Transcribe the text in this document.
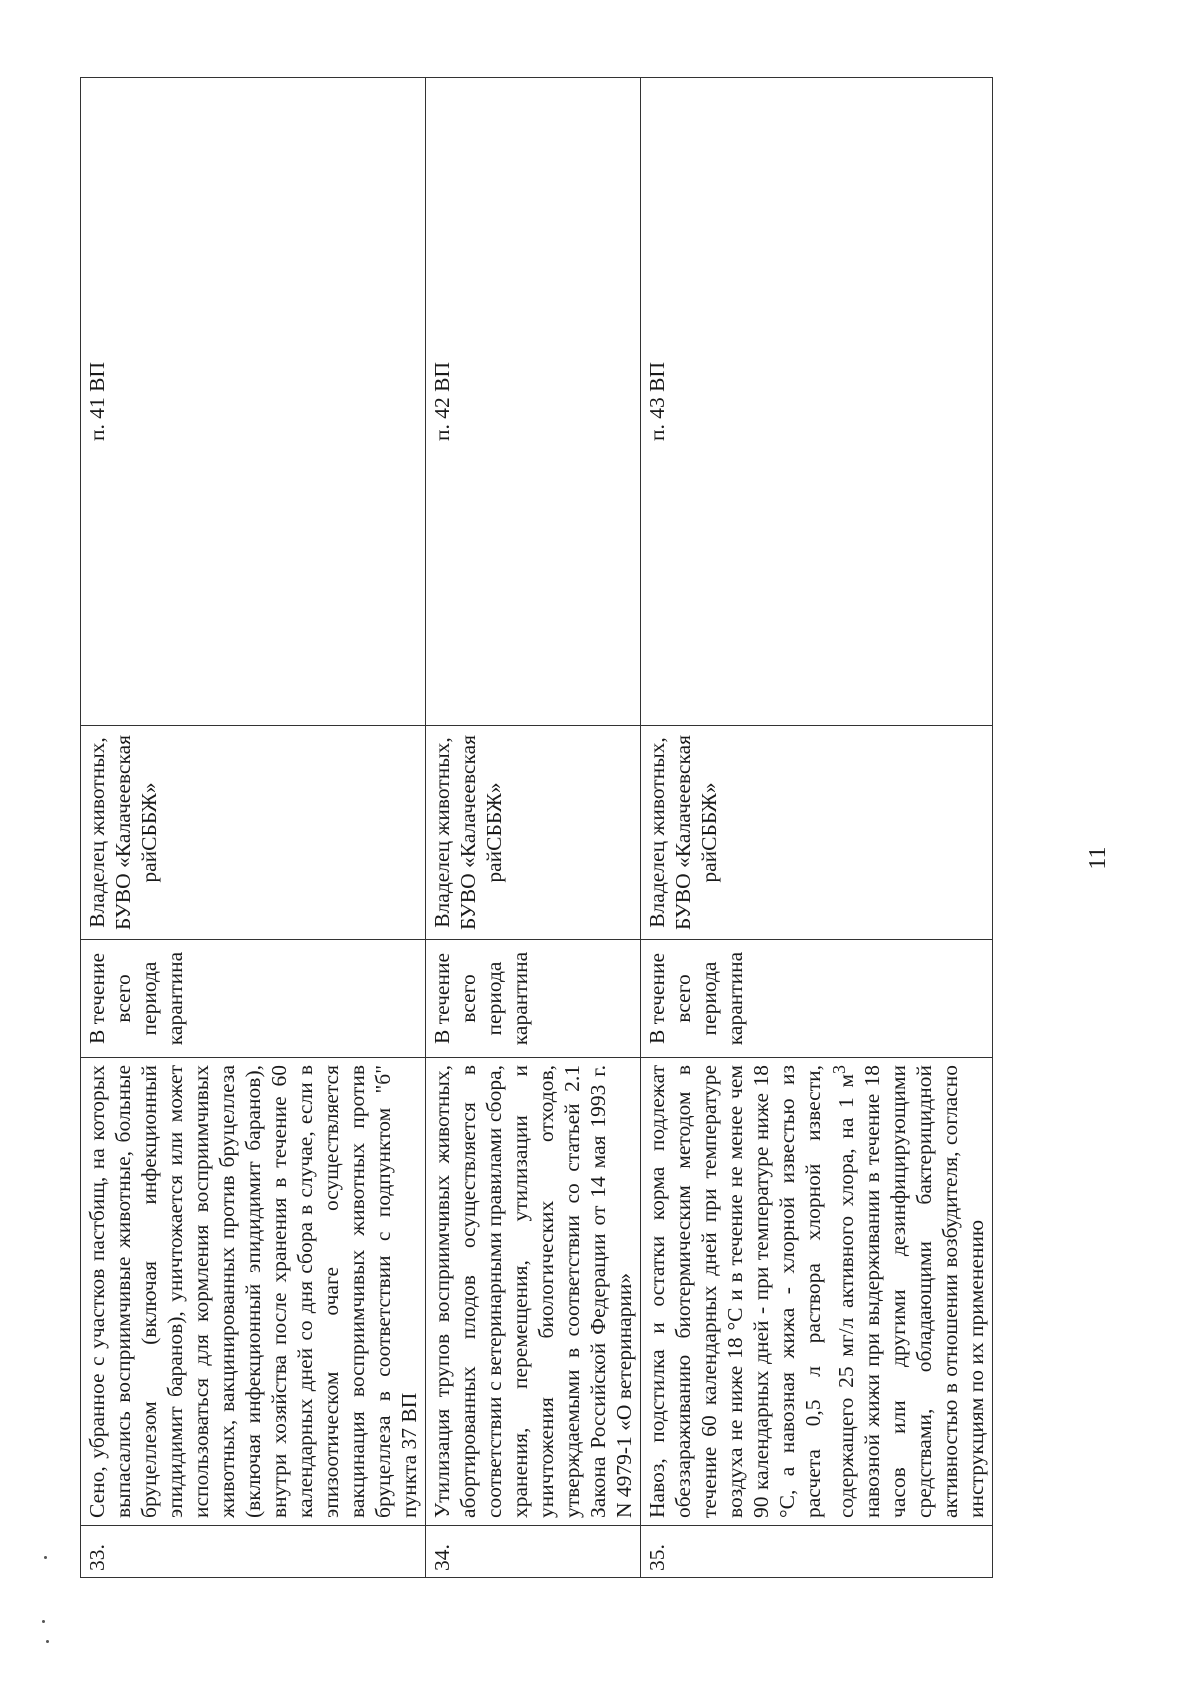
11
33.	Сено, убранное с участков пастбищ, на которых выпасались восприимчивые животные, больные бруцеллезом (включая инфекционный эпидидимит баранов), уничтожается или может использоваться для кормления восприимчивых животных, вакцинированных против бруцеллеза (включая инфекционный эпидидимит баранов), внутри хозяйства после хранения в течение 60 календарных дней со дня сбора в случае, если в эпизоотическом очаге осуществляется вакцинация восприимчивых животных против бруцеллеза в соответствии с подпунктом "б" пункта 37 ВП	В течение всего периода карантина	Владелец животных, БУВО «Калачеевская райСББЖ»	п. 41 ВП
34.	Утилизация трупов восприимчивых животных, абортированных плодов осуществляется в соответствии с ветеринарными правилами сбора, хранения, перемещения, утилизации и уничтожения биологических отходов, утверждаемыми в соответствии со статьей 2.1 Закона Российской Федерации от 14 мая 1993 г. N 4979-1 «О ветеринарии»	В течение всего периода карантина	Владелец животных, БУВО «Калачеевская райСББЖ»	п. 42 ВП
35.	Навоз, подстилка и остатки корма подлежат обеззараживанию биотермическим методом в течение 60 календарных дней при температуре воздуха не ниже 18 °С и в течение не менее чем 90 календарных дней - при температуре ниже 18 °С, а навозная жижа - хлорной известью из расчета 0,5 л раствора хлорной извести, содержащего 25 мг/л активного хлора, на 1 $м^3$ навозной жижи при выдерживании в течение 18 часов или другими дезинфицирующими средствами, обладающими бактерицидной активностью в отношении возбудителя, согласно инструкциям по их применению	В течение всего периода карантина	Владелец животных, БУВО «Калачеевская райСББЖ»	п. 43 ВП
